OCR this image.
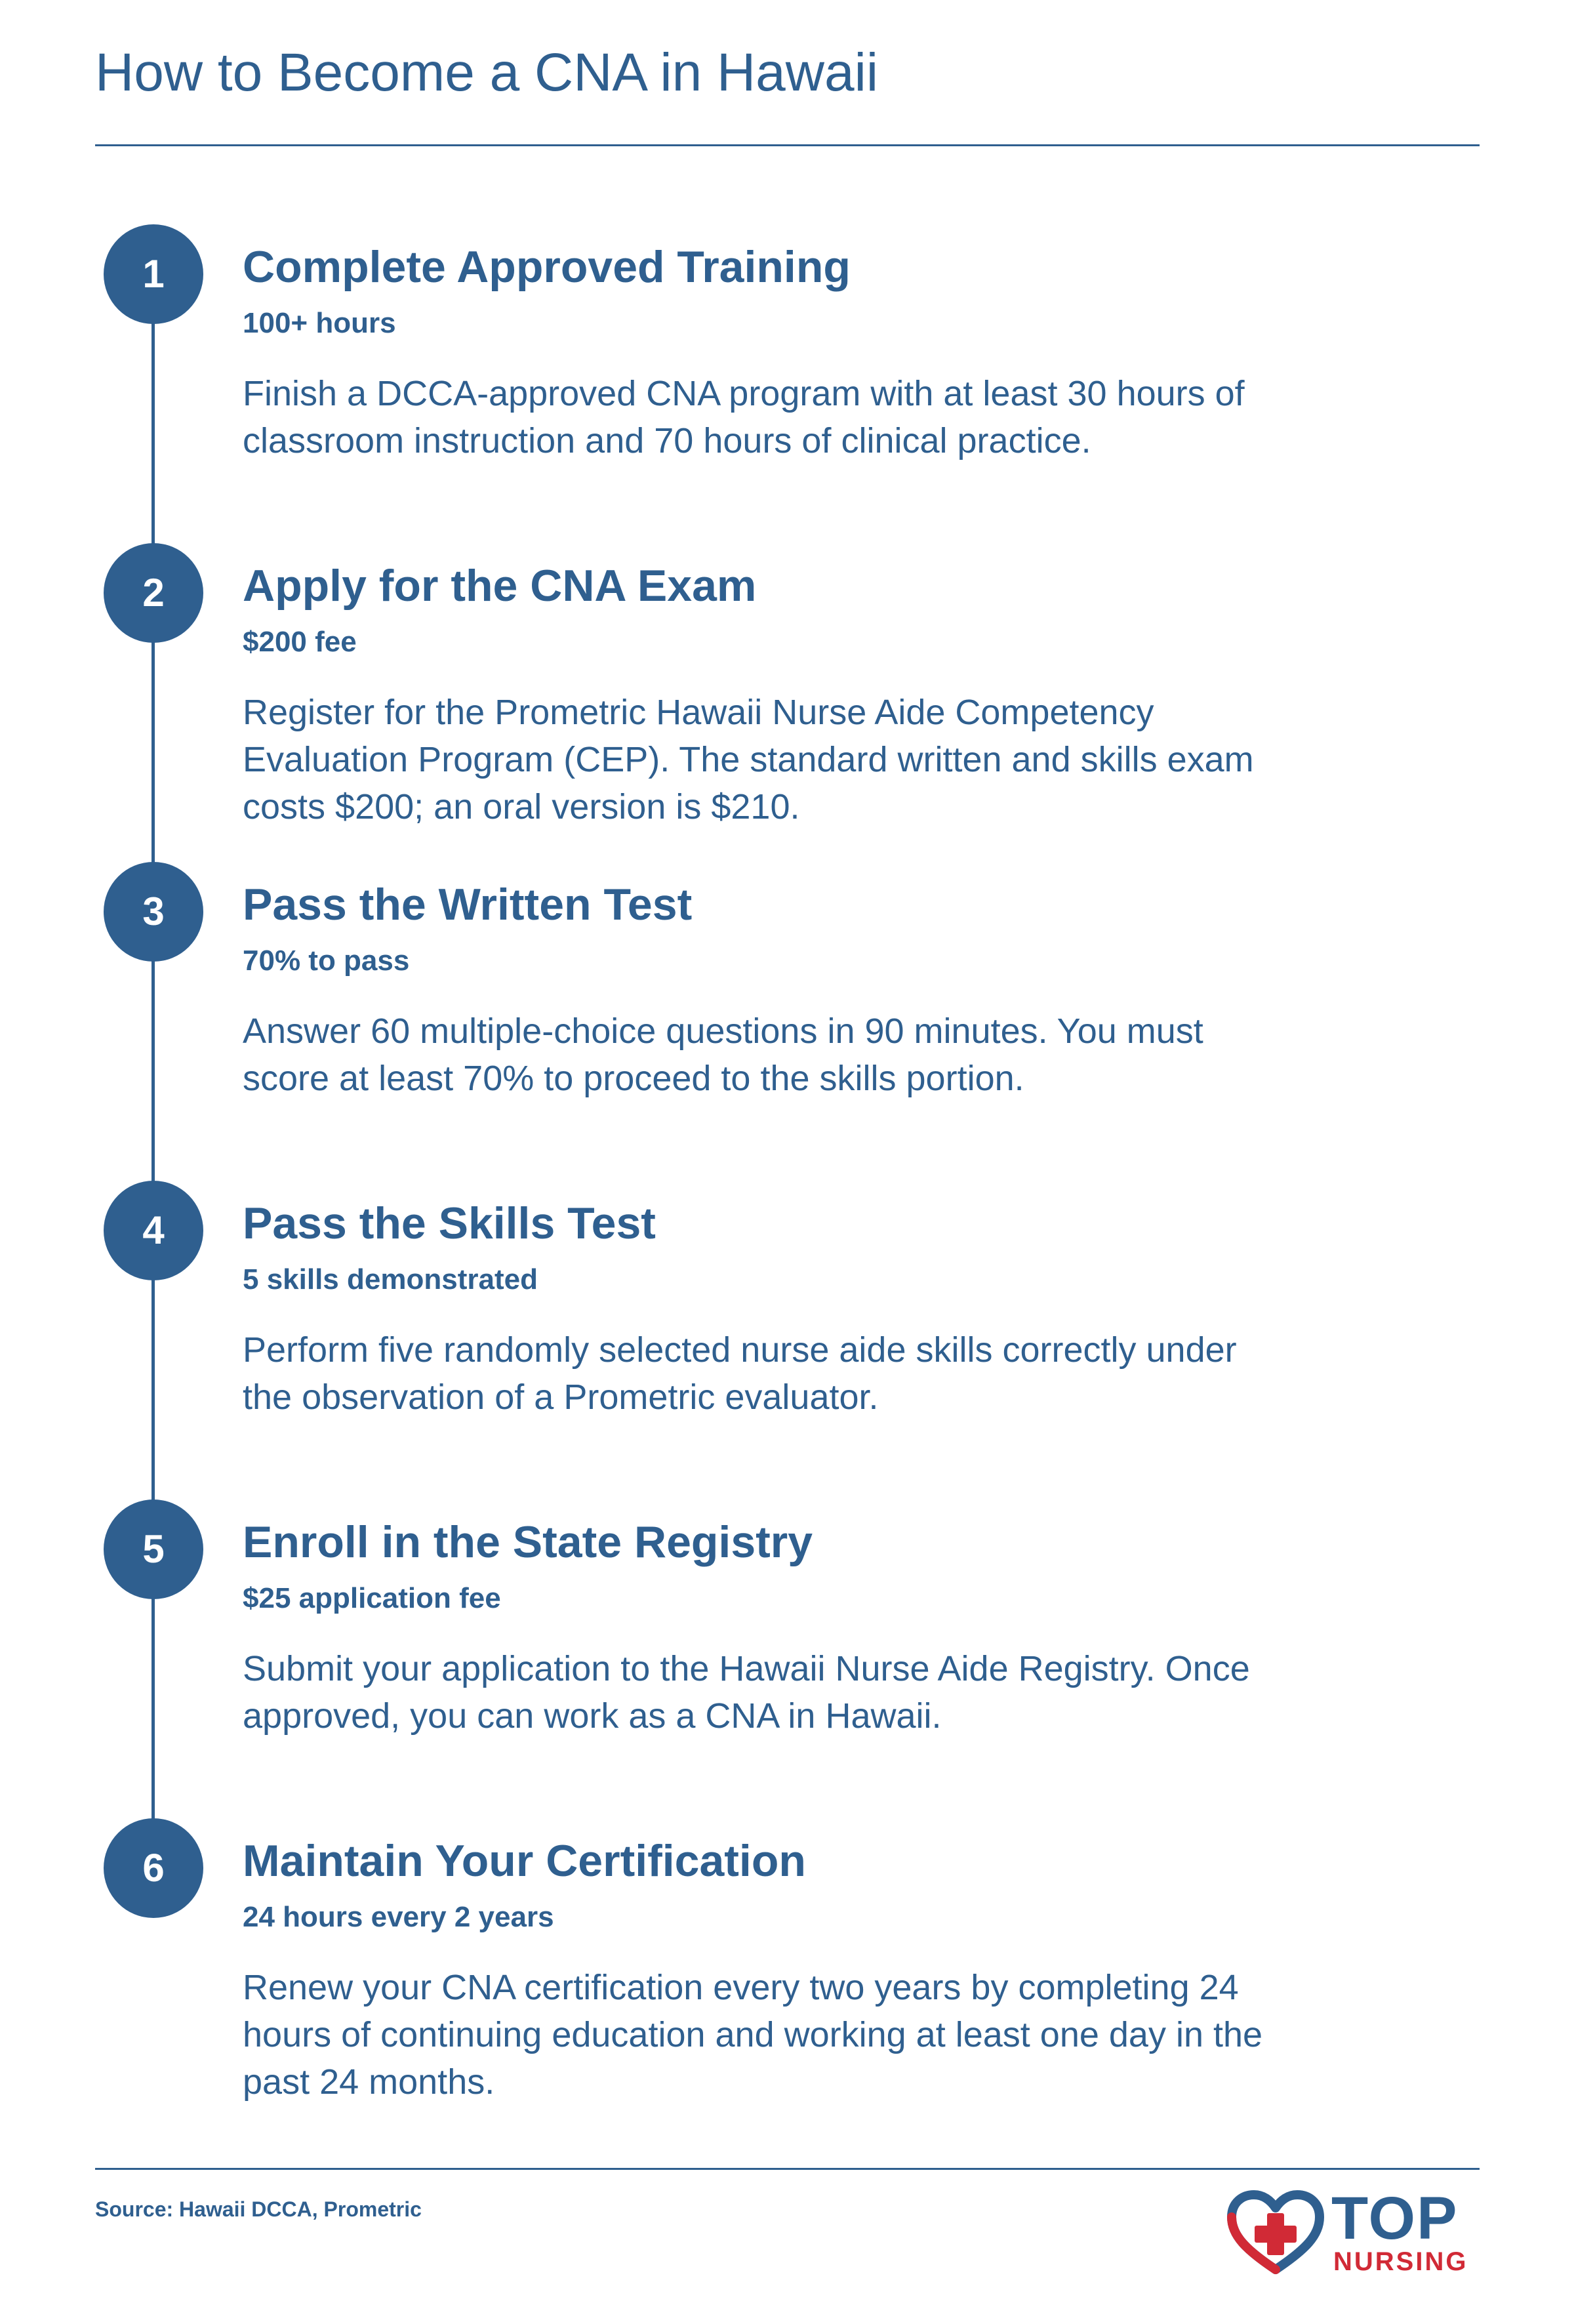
How to Become a CNA in Hawaii
1	Complete Approved Training
100+ hours

Finish a DCCA-approved CNA program with at least 30 hours of classroom instruction and 70 hours of clinical practice.

2	Apply for the CNA Exam
$200 fee

Register for the Prometric Hawaii Nurse Aide Competency Evaluation Program (CEP). The standard written and skills exam costs $200; an oral version is $210.

3	Pass the Written Test
70% to pass

Answer 60 multiple-choice questions in 90 minutes. You must score at least 70% to proceed to the skills portion.

4	Pass the Skills Test
5 skills demonstrated

Perform five randomly selected nurse aide skills correctly under the observation of a Prometric evaluator.

5	Enroll in the State Registry
$25 application fee

Submit your application to the Hawaii Nurse Aide Registry. Once approved, you can work as a CNA in Hawaii.

6	Maintain Your Certification
24 hours every 2 years

Renew your CNA certification every two years by completing 24 hours of continuing education and working at least one day in the past 24 months.

Source: Hawaii DCCA, Prometric	TOP
NURSING
